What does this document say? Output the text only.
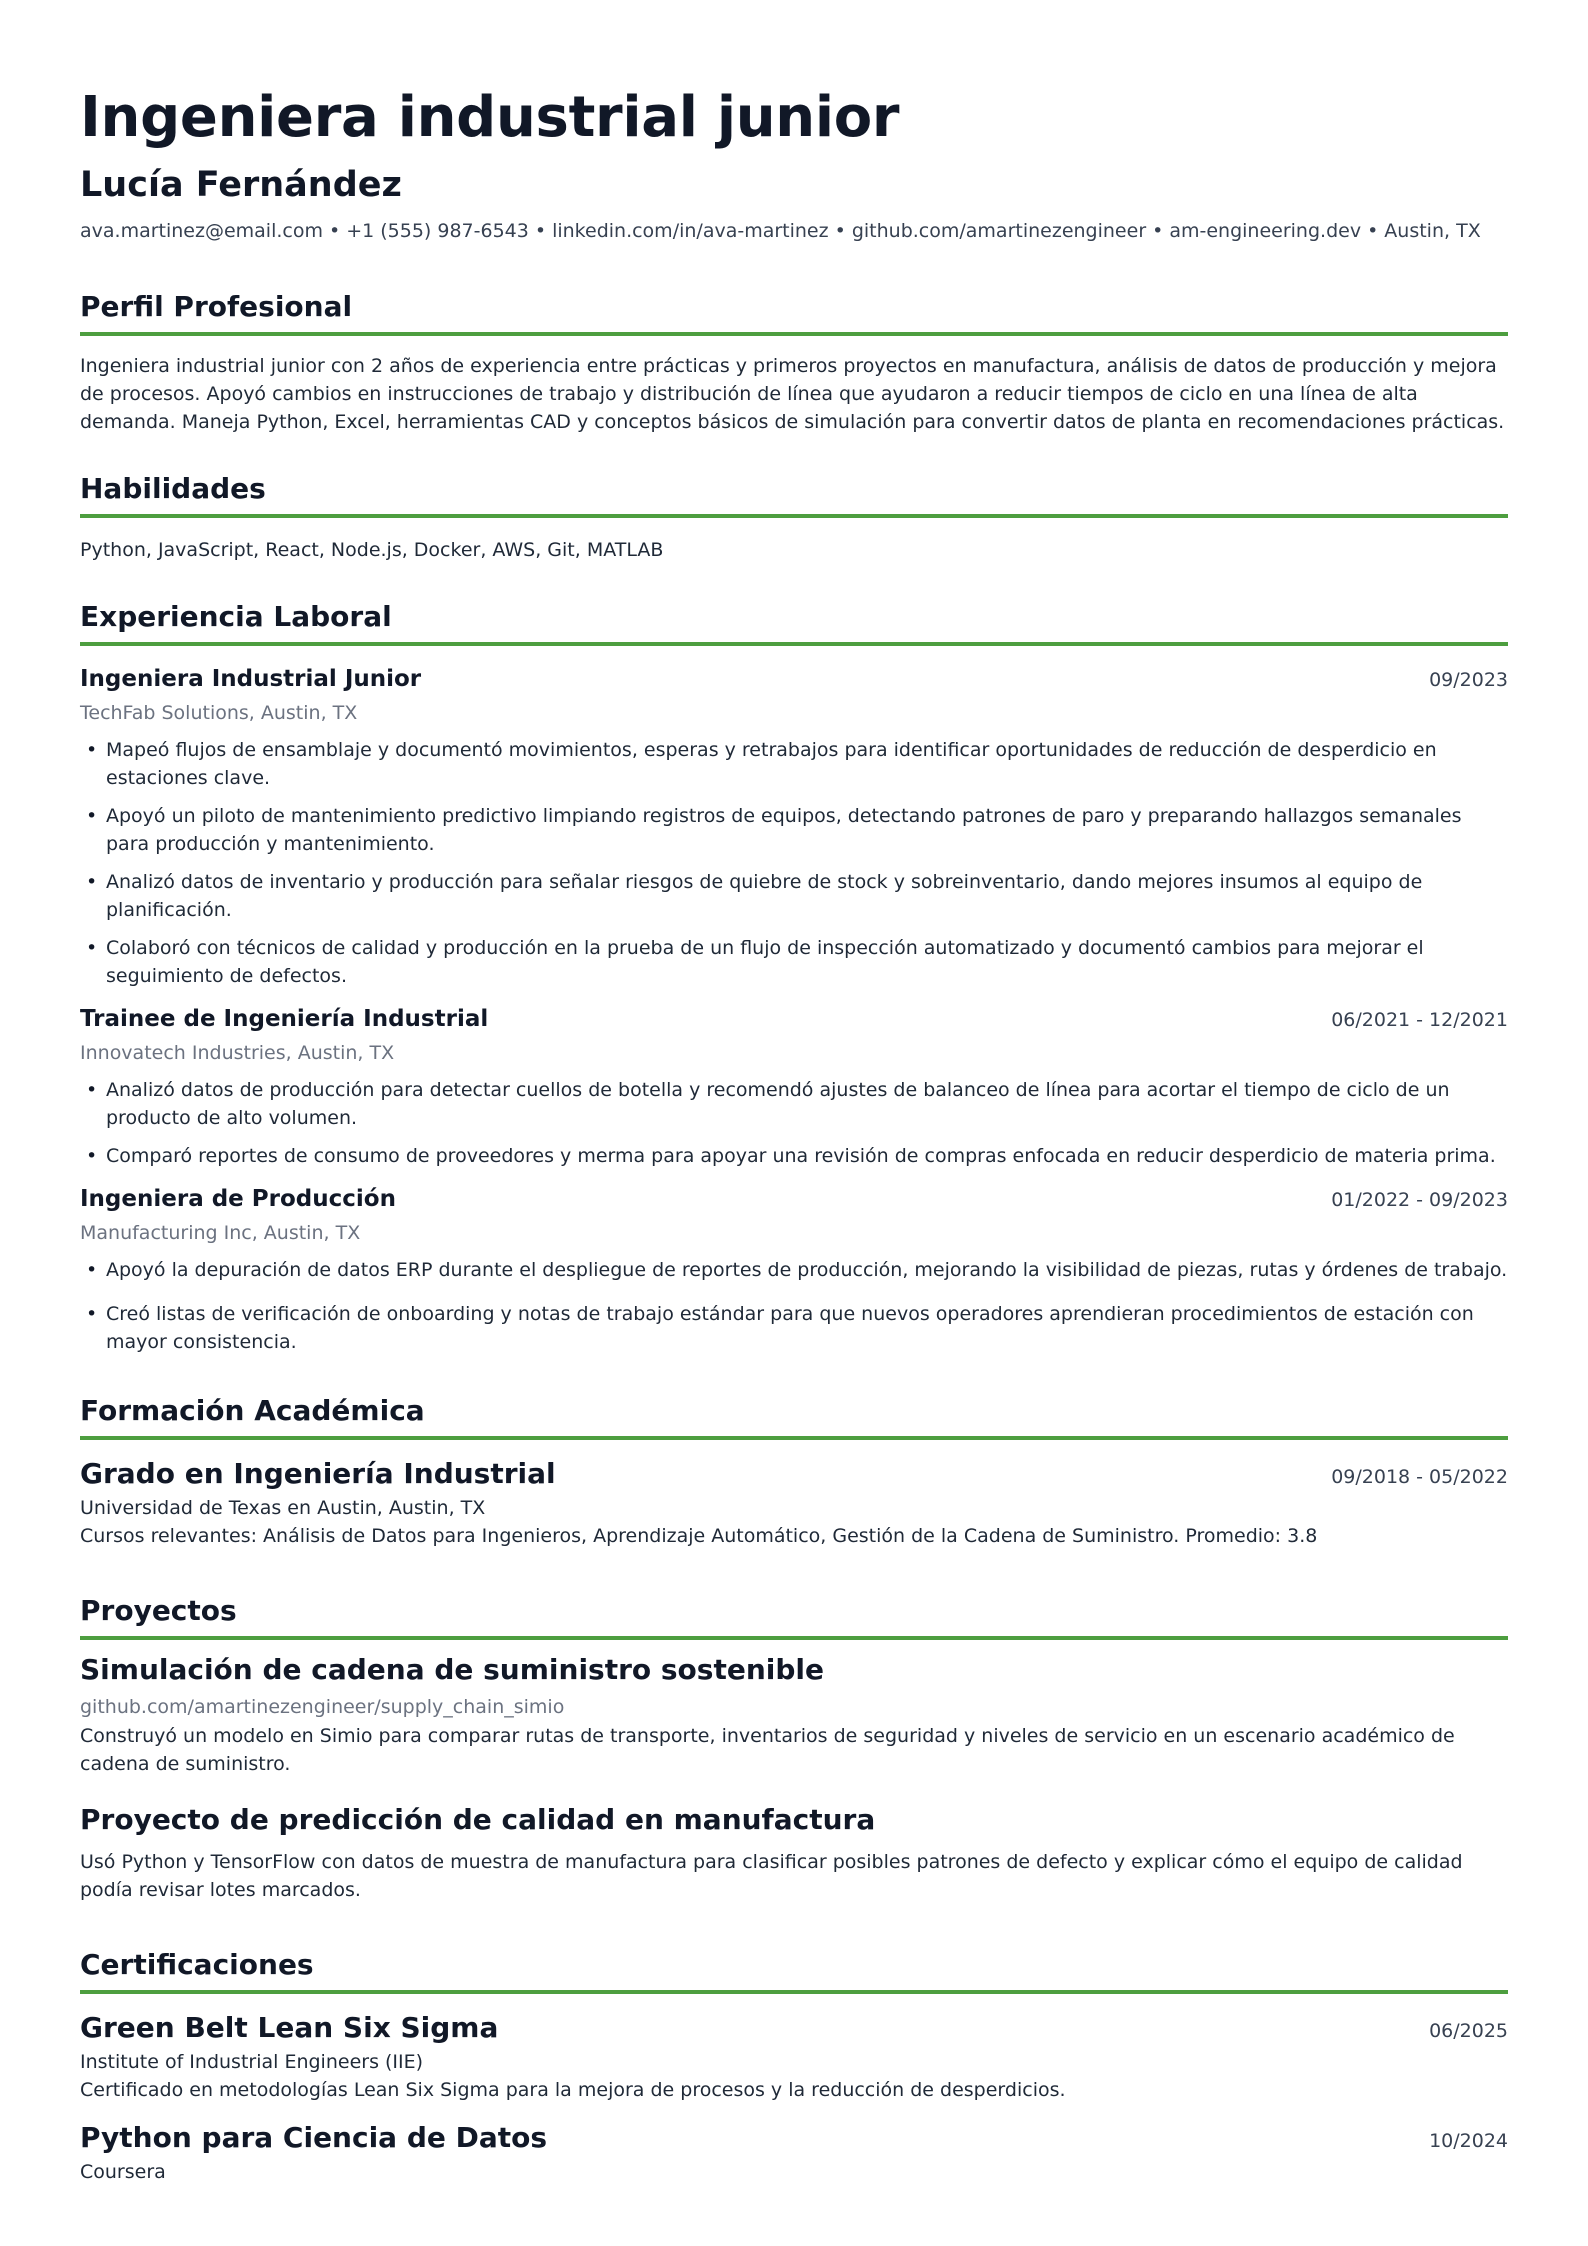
Ingeniera industrial junior
Lucía Fernández
ava.martinez@email.com • +1 (555) 987-6543 • linkedin.com/in/ava-martinez • github.com/amartinezengineer • am-engineering.dev • Austin, TX
Perfil Profesional
Ingeniera industrial junior con 2 años de experiencia entre prácticas y primeros proyectos en manufactura, análisis de datos de producción y mejora de procesos. Apoyó cambios en instrucciones de trabajo y distribución de línea que ayudaron a reducir tiempos de ciclo en una línea de alta demanda. Maneja Python, Excel, herramientas CAD y conceptos básicos de simulación para convertir datos de planta en recomendaciones prácticas.
Habilidades
Python, JavaScript, React, Node.js, Docker, AWS, Git, MATLAB
Experiencia Laboral
Ingeniera Industrial Junior	09/2023
TechFab Solutions, Austin, TX
• Mapeó flujos de ensamblaje y documentó movimientos, esperas y retrabajos para identificar oportunidades de reducción de desperdicio en estaciones clave.
• Apoyó un piloto de mantenimiento predictivo limpiando registros de equipos, detectando patrones de paro y preparando hallazgos semanales para producción y mantenimiento.
• Analizó datos de inventario y producción para señalar riesgos de quiebre de stock y sobreinventario, dando mejores insumos al equipo de planificación.
• Colaboró con técnicos de calidad y producción en la prueba de un flujo de inspección automatizado y documentó cambios para mejorar el seguimiento de defectos.
Trainee de Ingeniería Industrial	06/2021 - 12/2021
Innovatech Industries, Austin, TX
• Analizó datos de producción para detectar cuellos de botella y recomendó ajustes de balanceo de línea para acortar el tiempo de ciclo de un producto de alto volumen.
• Comparó reportes de consumo de proveedores y merma para apoyar una revisión de compras enfocada en reducir desperdicio de materia prima.
Ingeniera de Producción	01/2022 - 09/2023
Manufacturing Inc, Austin, TX
• Apoyó la depuración de datos ERP durante el despliegue de reportes de producción, mejorando la visibilidad de piezas, rutas y órdenes de trabajo.
• Creó listas de verificación de onboarding y notas de trabajo estándar para que nuevos operadores aprendieran procedimientos de estación con mayor consistencia.
Formación Académica
Grado en Ingeniería Industrial	09/2018 - 05/2022
Universidad de Texas en Austin, Austin, TX
Cursos relevantes: Análisis de Datos para Ingenieros, Aprendizaje Automático, Gestión de la Cadena de Suministro. Promedio: 3.8
Proyectos
Simulación de cadena de suministro sostenible
github.com/amartinezengineer/supply_chain_simio
Construyó un modelo en Simio para comparar rutas de transporte, inventarios de seguridad y niveles de servicio en un escenario académico de cadena de suministro.
Proyecto de predicción de calidad en manufactura
Usó Python y TensorFlow con datos de muestra de manufactura para clasificar posibles patrones de defecto y explicar cómo el equipo de calidad podía revisar lotes marcados.
Certificaciones
Green Belt Lean Six Sigma	06/2025
Institute of Industrial Engineers (IIE)
Certificado en metodologías Lean Six Sigma para la mejora de procesos y la reducción de desperdicios.
Python para Ciencia de Datos	10/2024
Coursera
